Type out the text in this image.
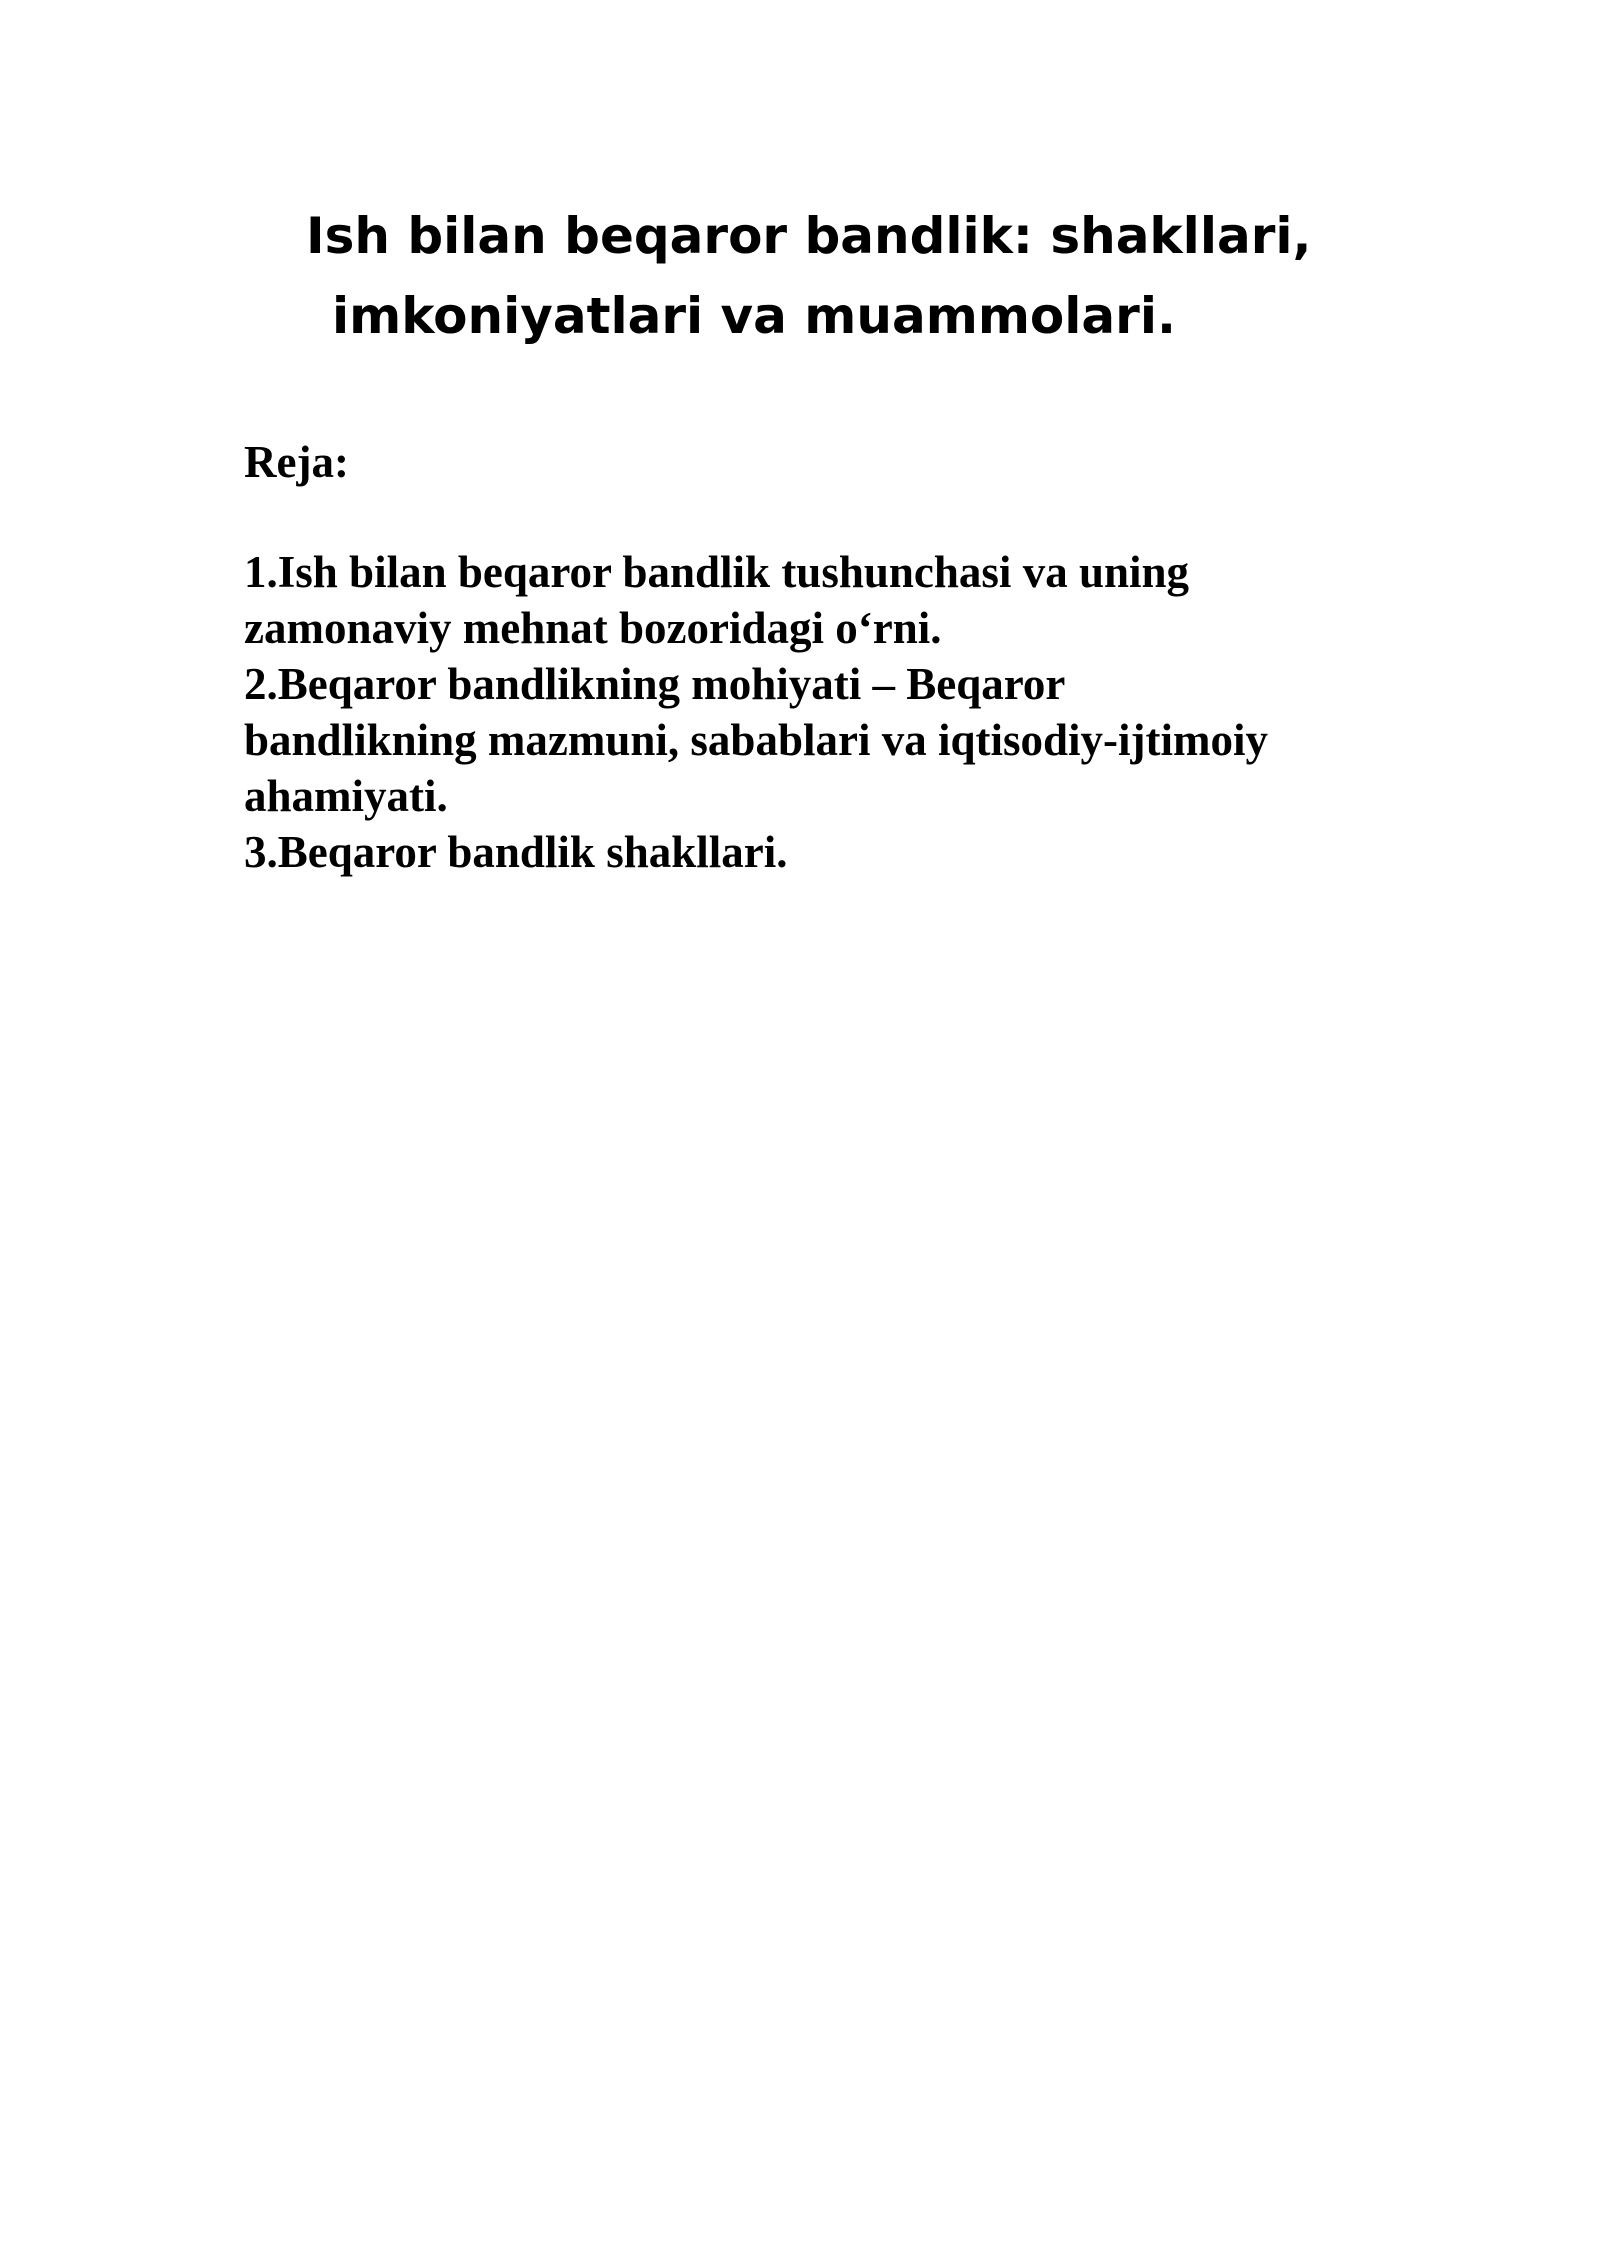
Ish bilan beqaror bandlik: shakllari,
imkoniyatlari va muammolari.

Reja:

1.Ish bilan beqaror bandlik tushunchasi va uning
zamonaviy mehnat bozoridagi o‘rni.
2.Beqaror bandlikning mohiyati – Beqaror
bandlikning mazmuni, sabablari va iqtisodiy-ijtimoiy
ahamiyati.
3.Beqaror bandlik shakllari.
